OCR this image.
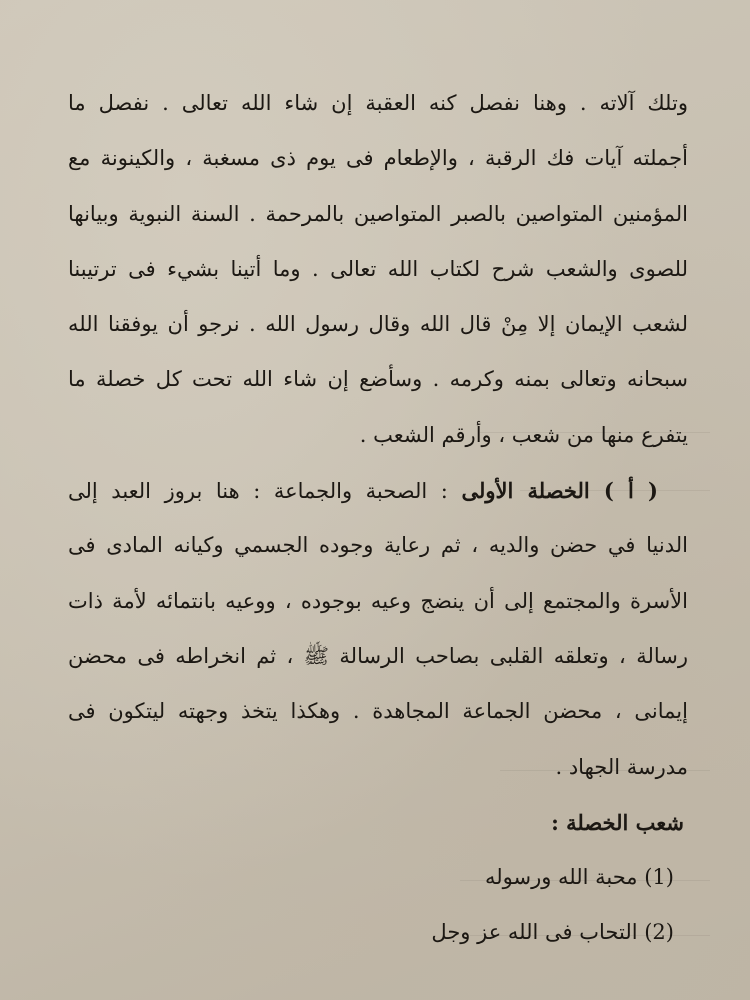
وتلك آلاته . وهنا نفصل كنه العقبة إن شاء الله تعالى . نفصل ما
أجملته آيات فك الرقبة ، والإطعام فى يوم ذى مسغبة ، والكينونة مع
المؤمنين المتواصين بالصبر المتواصين بالمرحمة . السنة النبوية وبيانها
للصوى والشعب شرح لكتاب الله تعالى . وما أتينا بشيء فى ترتيبنا
لشعب الإيمان إلا مِنْ قال الله وقال رسول الله . نرجو أن يوفقنا الله
سبحانه وتعالى بمنه وكرمه . وسأضع إن شاء الله تحت كل خصلة ما
يتفرع منها من شعب ، وأرقم الشعب .
( أ ) الخصلة الأولى : الصحبة والجماعة : هنا بروز العبد إلى
الدنيا في حضن والديه ، ثم رعاية وجوده الجسمي وكيانه المادى فى
الأسرة والمجتمع إلى أن ينضج وعيه بوجوده ، ووعيه بانتمائه لأمة ذات
رسالة ، وتعلقه القلبى بصاحب الرسالة ﷺ ، ثم انخراطه فى محضن
إيمانى ، محضن الجماعة المجاهدة . وهكذا يتخذ وجهته ليتكون فى
مدرسة الجهاد .
شعب الخصلة :
(1) محبة الله ورسوله
(2) التحاب فى الله عز وجل
